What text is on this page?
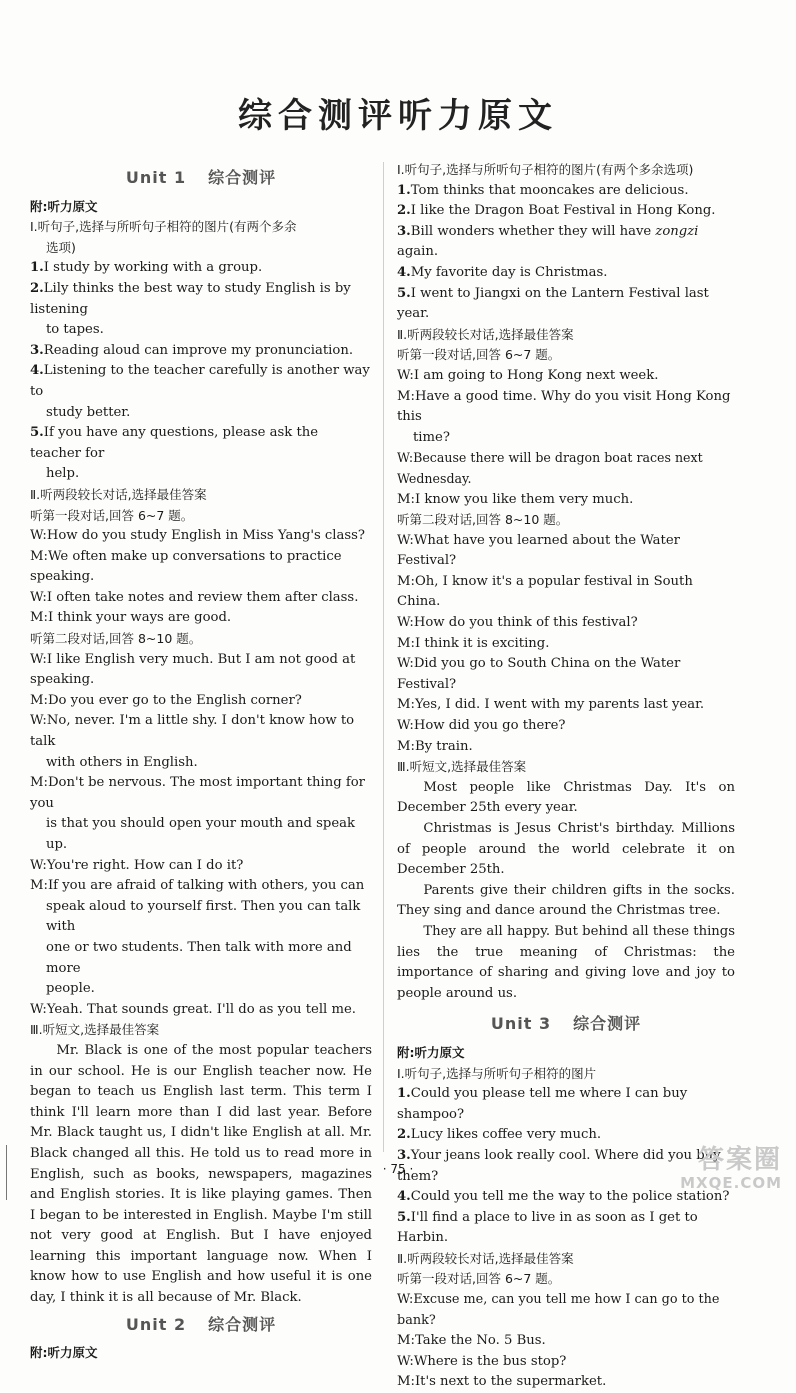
综合测评听力原文
Unit 1 综合测评
附:听力原文
Ⅰ.听句子,选择与所听句子相符的图片(有两个多余
选项)
1.I study by working with a group.
2.Lily thinks the best way to study English is by listening
to tapes.
3.Reading aloud can improve my pronunciation.
4.Listening to the teacher carefully is another way to
study better.
5.If you have any questions, please ask the teacher for
help.
Ⅱ.听两段较长对话,选择最佳答案
听第一段对话,回答 6~7 题。
W:How do you study English in Miss Yang's class?
M:We often make up conversations to practice speaking.
W:I often take notes and review them after class.
M:I think your ways are good.
听第二段对话,回答 8~10 题。
W:I like English very much. But I am not good at speaking.
M:Do you ever go to the English corner?
W:No, never. I'm a little shy. I don't know how to talk
with others in English.
M:Don't be nervous. The most important thing for you
is that you should open your mouth and speak up.
W:You're right. How can I do it?
M:If you are afraid of talking with others, you can
speak aloud to yourself first. Then you can talk with
one or two students. Then talk with more and more
people.
W:Yeah. That sounds great. I'll do as you tell me.
Ⅲ.听短文,选择最佳答案
Mr. Black is one of the most popular teachers in our school. He is our English teacher now. He began to teach us English last term. This term I think I'll learn more than I did last year. Before Mr. Black taught us, I didn't like English at all. Mr. Black changed all this. He told us to read more in English, such as books, newspapers, magazines and English stories. It is like playing games. Then I began to be interested in English. Maybe I'm still not very good at English. But I have enjoyed learning this important language now. When I know how to use English and how useful it is one day, I think it is all because of Mr. Black.
Unit 2 综合测评
附:听力原文
Ⅰ.听句子,选择与所听句子相符的图片(有两个多余选项)
1.Tom thinks that mooncakes are delicious.
2.I like the Dragon Boat Festival in Hong Kong.
3.Bill wonders whether they will have zongzi again.
4.My favorite day is Christmas.
5.I went to Jiangxi on the Lantern Festival last year.
Ⅱ.听两段较长对话,选择最佳答案
听第一段对话,回答 6~7 题。
W:I am going to Hong Kong next week.
M:Have a good time. Why do you visit Hong Kong this
time?
W:Because there will be dragon boat races next Wednesday.
M:I know you like them very much.
听第二段对话,回答 8~10 题。
W:What have you learned about the Water Festival?
M:Oh, I know it's a popular festival in South China.
W:How do you think of this festival?
M:I think it is exciting.
W:Did you go to South China on the Water Festival?
M:Yes, I did. I went with my parents last year.
W:How did you go there?
M:By train.
Ⅲ.听短文,选择最佳答案
Most people like Christmas Day. It's on December 25th every year.
Christmas is Jesus Christ's birthday. Millions of people around the world celebrate it on December 25th.
Parents give their children gifts in the socks. They sing and dance around the Christmas tree.
They are all happy. But behind all these things lies the true meaning of Christmas: the importance of sharing and giving love and joy to people around us.
Unit 3 综合测评
附:听力原文
Ⅰ.听句子,选择与所听句子相符的图片
1.Could you please tell me where I can buy shampoo?
2.Lucy likes coffee very much.
3.Your jeans look really cool. Where did you buy them?
4.Could you tell me the way to the police station?
5.I'll find a place to live in as soon as I get to Harbin.
Ⅱ.听两段较长对话,选择最佳答案
听第一段对话,回答 6~7 题。
W:Excuse me, can you tell me how I can go to the bank?
M:Take the No. 5 Bus.
W:Where is the bus stop?
M:It's next to the supermarket.
· 75 ·	答案圈
MXQE.COM
